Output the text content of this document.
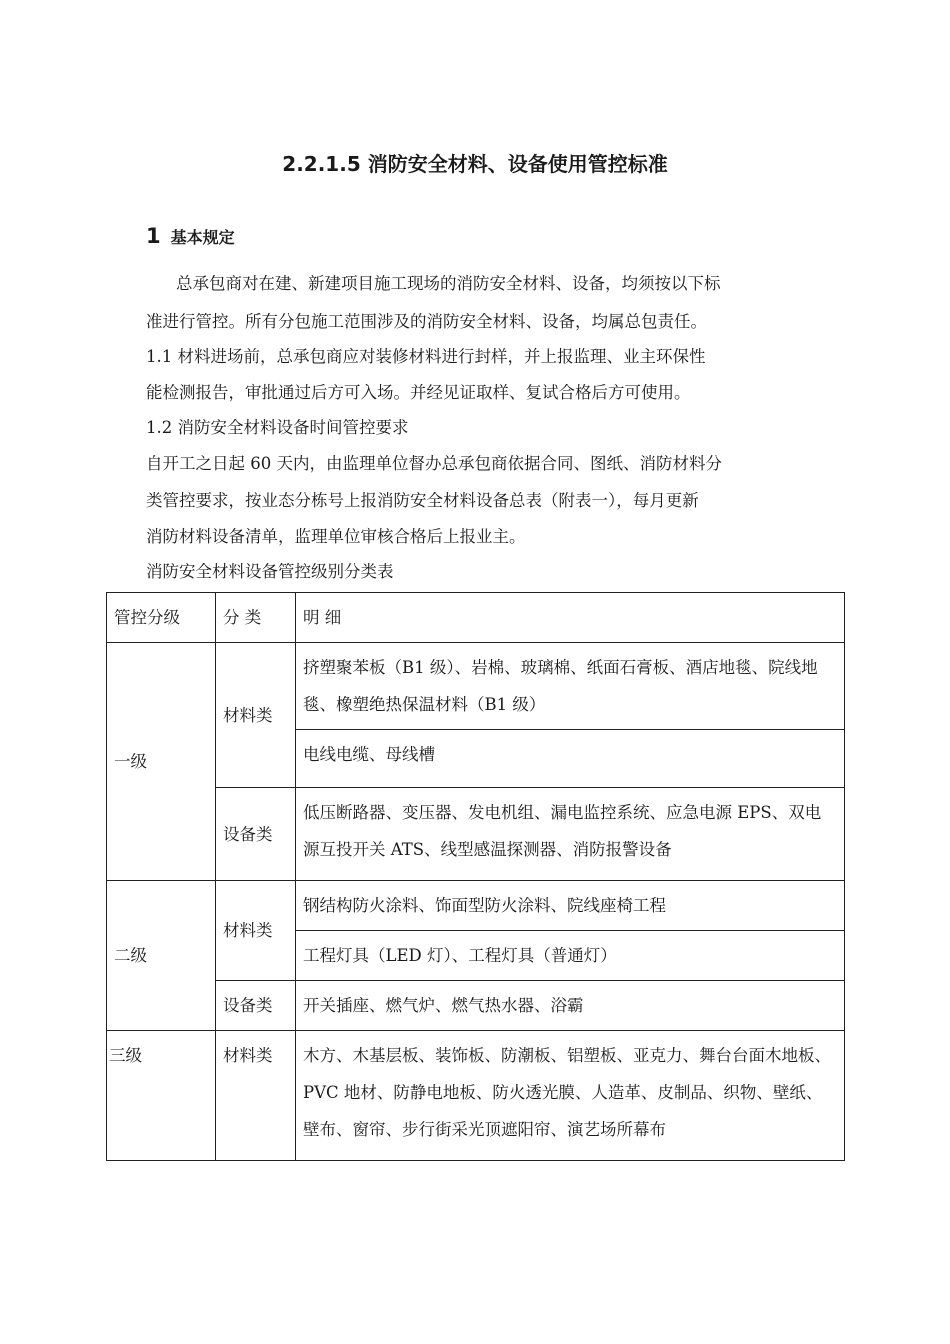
2.2.1.5 消防安全材料、设备使用管控标准
1 基本规定
总承包商对在建、新建项目施工现场的消防安全材料、设备，均须按以下标
准进行管控。所有分包施工范围涉及的消防安全材料、设备，均属总包责任。
1.1 材料进场前，总承包商应对装修材料进行封样，并上报监理、业主环保性
能检测报告，审批通过后方可入场。并经见证取样、复试合格后方可使用。
1.2 消防安全材料设备时间管控要求
自开工之日起 60 天内，由监理单位督办总承包商依据合同、图纸、消防材料分
类管控要求，按业态分栋号上报消防安全材料设备总表（附表一），每月更新
消防材料设备清单，监理单位审核合格后上报业主。
消防安全材料设备管控级别分类表
管控分级	分 类	明 细
一级	材料类	挤塑聚苯板（B1 级）、岩棉、玻璃棉、纸面石膏板、酒店地毯、院线地毯、橡塑绝热保温材料（B1 级）
		电线电缆、母线槽
	设备类	低压断路器、变压器、发电机组、漏电监控系统、应急电源 EPS、双电源互投开关 ATS、线型感温探测器、消防报警设备
二级	材料类	钢结构防火涂料、饰面型防火涂料、院线座椅工程
		工程灯具（LED 灯）、工程灯具（普通灯）
	设备类	开关插座、燃气炉、燃气热水器、浴霸
三级	材料类	木方、木基层板、装饰板、防潮板、铝塑板、亚克力、舞台台面木地板、PVC 地材、防静电地板、防火透光膜、人造革、皮制品、织物、壁纸、壁布、窗帘、步行街采光顶遮阳帘、演艺场所幕布
